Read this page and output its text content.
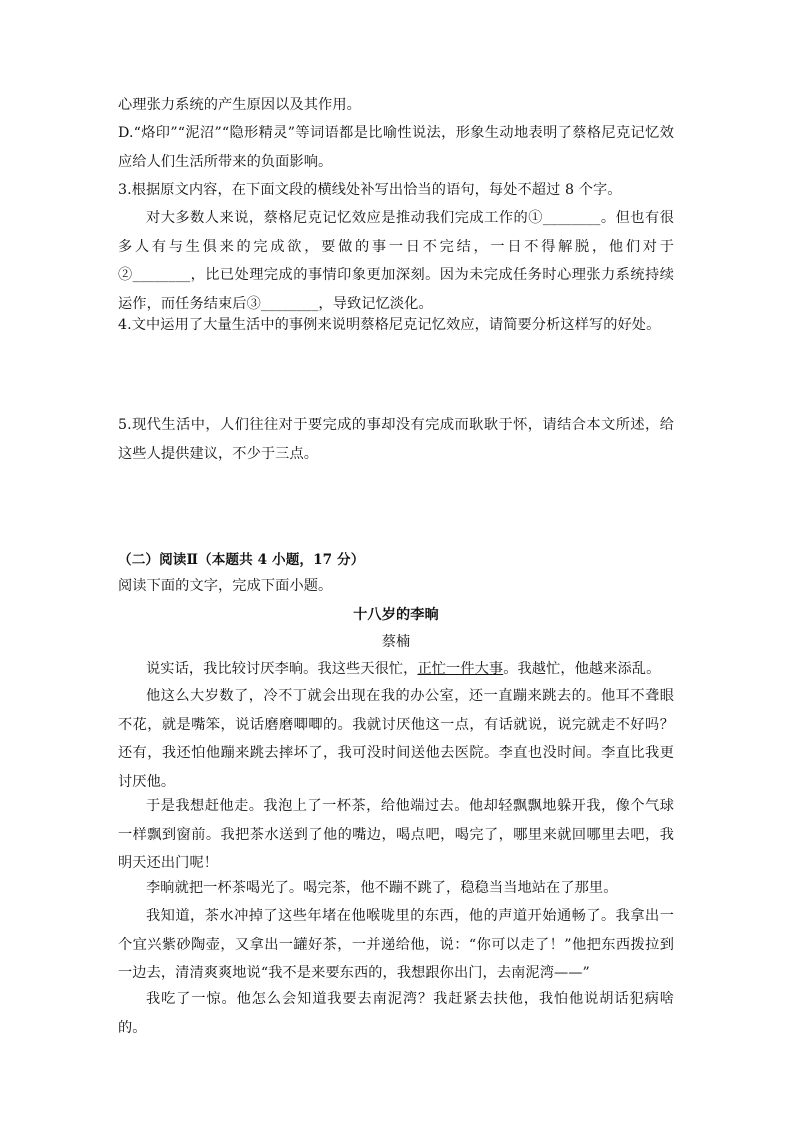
心理张力系统的产生原因以及其作用。
D.“烙印”“泥沼”“隐形精灵”等词语都是比喻性说法，形象生动地表明了蔡格尼克记忆效应给人们生活所带来的负面影响。
3.根据原文内容，在下面文段的横线处补写出恰当的语句，每处不超过 8 个字。
对大多数人来说，蔡格尼克记忆效应是推动我们完成工作的①________。但也有很多人有与生俱来的完成欲，要做的事一日不完结，一日不得解脱，他们对于②________，比已处理完成的事情印象更加深刻。因为未完成任务时心理张力系统持续运作，而任务结束后③________，导致记忆淡化。
4.文中运用了大量生活中的事例来说明蔡格尼克记忆效应，请简要分析这样写的好处。
5.现代生活中，人们往往对于要完成的事却没有完成而耿耿于怀，请结合本文所述，给这些人提供建议，不少于三点。
（二）阅读Ⅱ（本题共 4 小题，17 分）
阅读下面的文字，完成下面小题。
十八岁的李晌
蔡楠
说实话，我比较讨厌李晌。我这些天很忙，正忙一件大事。我越忙，他越来添乱。
他这么大岁数了，冷不丁就会出现在我的办公室，还一直蹦来跳去的。他耳不聋眼不花，就是嘴笨，说话磨磨唧唧的。我就讨厌他这一点，有话就说，说完就走不好吗？还有，我还怕他蹦来跳去摔坏了，我可没时间送他去医院。李直也没时间。李直比我更讨厌他。
于是我想赶他走。我泡上了一杯茶，给他端过去。他却轻飘飘地躲开我，像个气球一样飘到窗前。我把茶水送到了他的嘴边，喝点吧，喝完了，哪里来就回哪里去吧，我明天还出门呢！
李晌就把一杯茶喝光了。喝完茶，他不蹦不跳了，稳稳当当地站在了那里。
我知道，茶水冲掉了这些年堵在他喉咙里的东西，他的声道开始通畅了。我拿出一个宜兴紫砂陶壶，又拿出一罐好茶，一并递给他，说：“你可以走了！”他把东西拨拉到一边去，清清爽爽地说“我不是来要东西的，我想跟你出门，去南泥湾——”
我吃了一惊。他怎么会知道我要去南泥湾？我赶紧去扶他，我怕他说胡话犯病啥的。
